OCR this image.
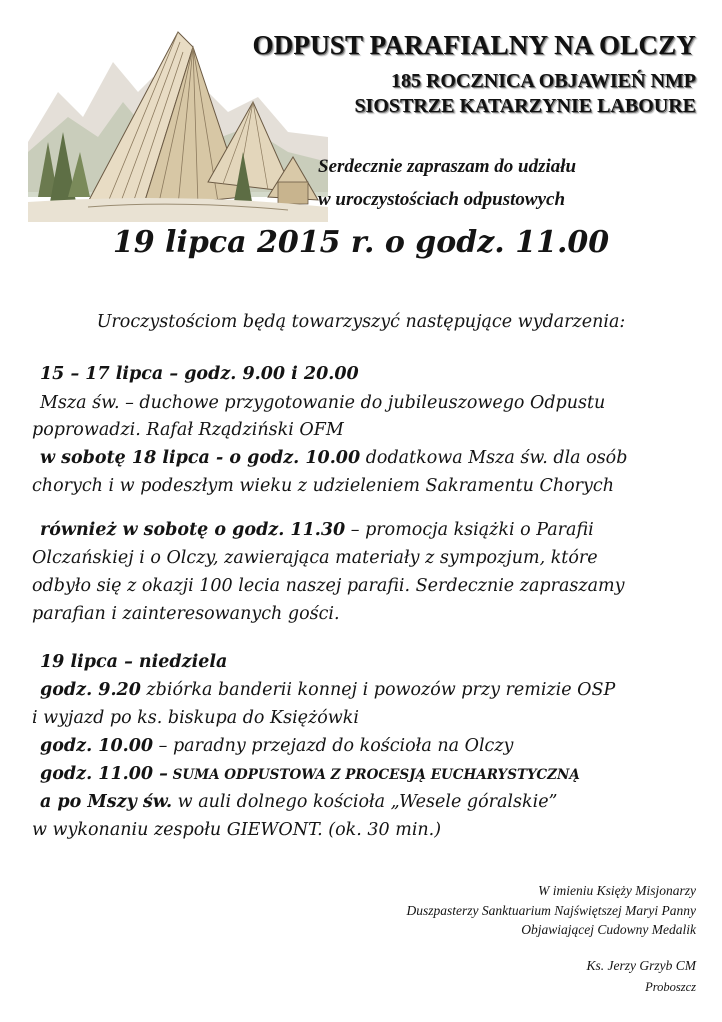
ODPUST PARAFIALNY NA OLCZY
185 ROCZNICA OBJAWIEŃ NMP
SIOSTRZE KATARZYNIE LABOURE
Serdecznie zapraszam do udziału
w uroczystościach odpustowych
19 lipca 2015 r. o godz. 11.00
Uroczystościom będą towarzyszyć następujące wydarzenia:
15 – 17 lipca – godz. 9.00 i 20.00
Msza św. – duchowe przygotowanie do jubileuszowego Odpustu
poprowadzi. Rafał Rządziński OFM
w sobotę 18 lipca - o godz. 10.00 dodatkowa Msza św. dla osób
chorych i w podeszłym wieku z udzieleniem Sakramentu Chorych
również w sobotę o godz. 11.30 – promocja książki o Parafii
Olczańskiej i o Olczy, zawierająca materiały z sympozjum, które
odbyło się z okazji 100 lecia naszej parafii. Serdecznie zapraszamy
parafian i zainteresowanych gości.
19 lipca – niedziela
godz. 9.20 zbiórka banderii konnej i powozów przy remizie OSP
i wyjazd po ks. biskupa do Księżówki
godz. 10.00 – paradny przejazd do kościoła na Olczy
godz. 11.00 – SUMA ODPUSTOWA Z PROCESJĄ EUCHARYSTYCZNĄ
a po Mszy św. w auli dolnego kościoła „Wesele góralskie”
w wykonaniu zespołu GIEWONT. (ok. 30 min.)
W imieniu Księży Misjonarzy
Duszpasterzy Sanktuarium Najświętszej Maryi Panny
Objawiającej Cudowny Medalik
Ks. Jerzy Grzyb CM
Proboszcz
